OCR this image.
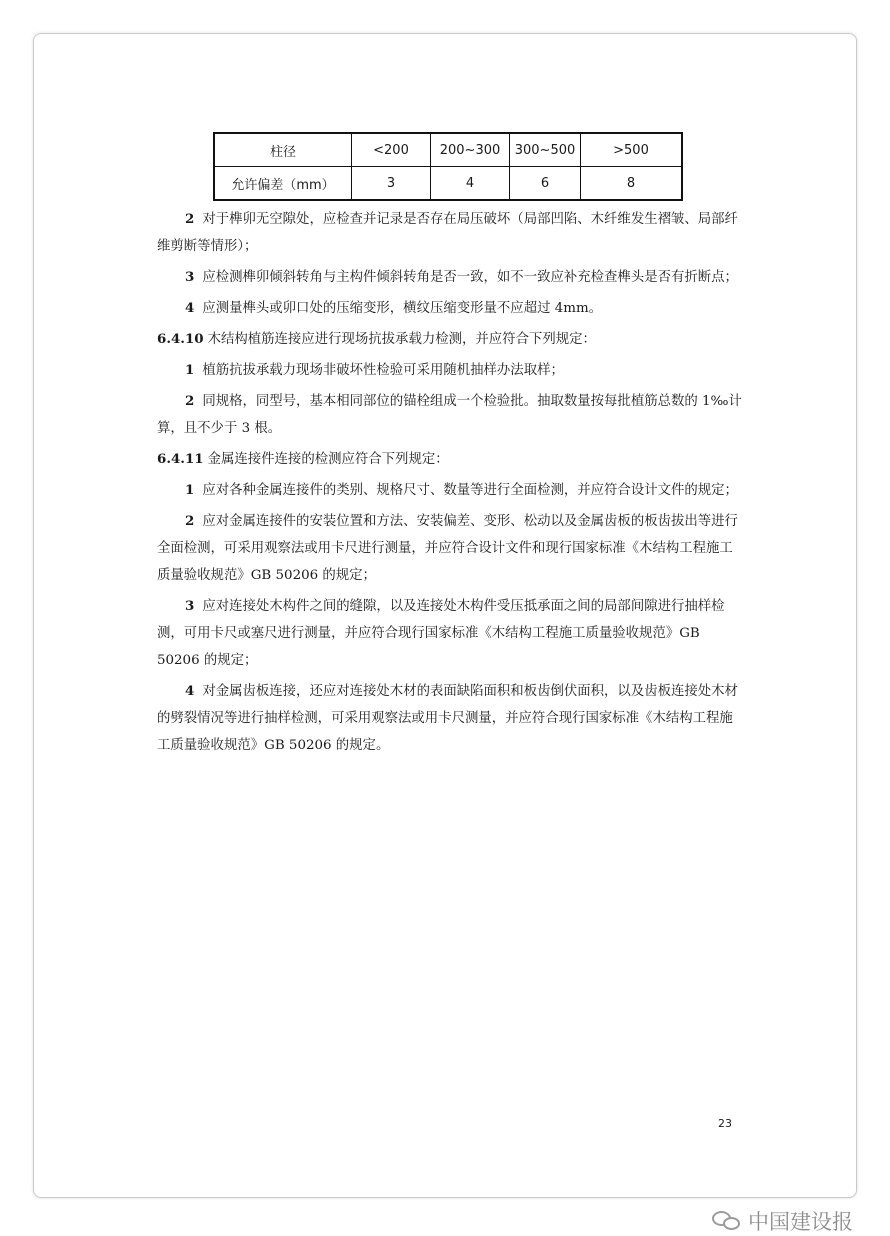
柱径	<200	200~300	300~500	>500
允许偏差（mm）	3	4	6	8

2 对于榫卯无空隙处，应检查并记录是否存在局压破坏（局部凹陷、木纤维发生褶皱、局部纤维剪断等情形）；

3 应检测榫卯倾斜转角与主构件倾斜转角是否一致，如不一致应补充检查榫头是否有折断点；

4 应测量榫头或卯口处的压缩变形，横纹压缩变形量不应超过 4mm。

6.4.10 木结构植筋连接应进行现场抗拔承载力检测，并应符合下列规定：

1 植筋抗拔承载力现场非破坏性检验可采用随机抽样办法取样；

2 同规格，同型号，基本相同部位的锚栓组成一个检验批。抽取数量按每批植筋总数的 1‰计算，且不少于 3 根。

6.4.11 金属连接件连接的检测应符合下列规定：

1 应对各种金属连接件的类别、规格尺寸、数量等进行全面检测，并应符合设计文件的规定；

2 应对金属连接件的安装位置和方法、安装偏差、变形、松动以及金属齿板的板齿拔出等进行全面检测，可采用观察法或用卡尺进行测量，并应符合设计文件和现行国家标准《木结构工程施工质量验收规范》GB 50206 的规定；

3 应对连接处木构件之间的缝隙，以及连接处木构件受压抵承面之间的局部间隙进行抽样检测，可用卡尺或塞尺进行测量，并应符合现行国家标准《木结构工程施工质量验收规范》GB 50206 的规定；

4 对金属齿板连接，还应对连接处木材的表面缺陷面积和板齿倒伏面积，以及齿板连接处木材的劈裂情况等进行抽样检测，可采用观察法或用卡尺测量，并应符合现行国家标准《木结构工程施工质量验收规范》GB 50206 的规定。

23
中国建设报
